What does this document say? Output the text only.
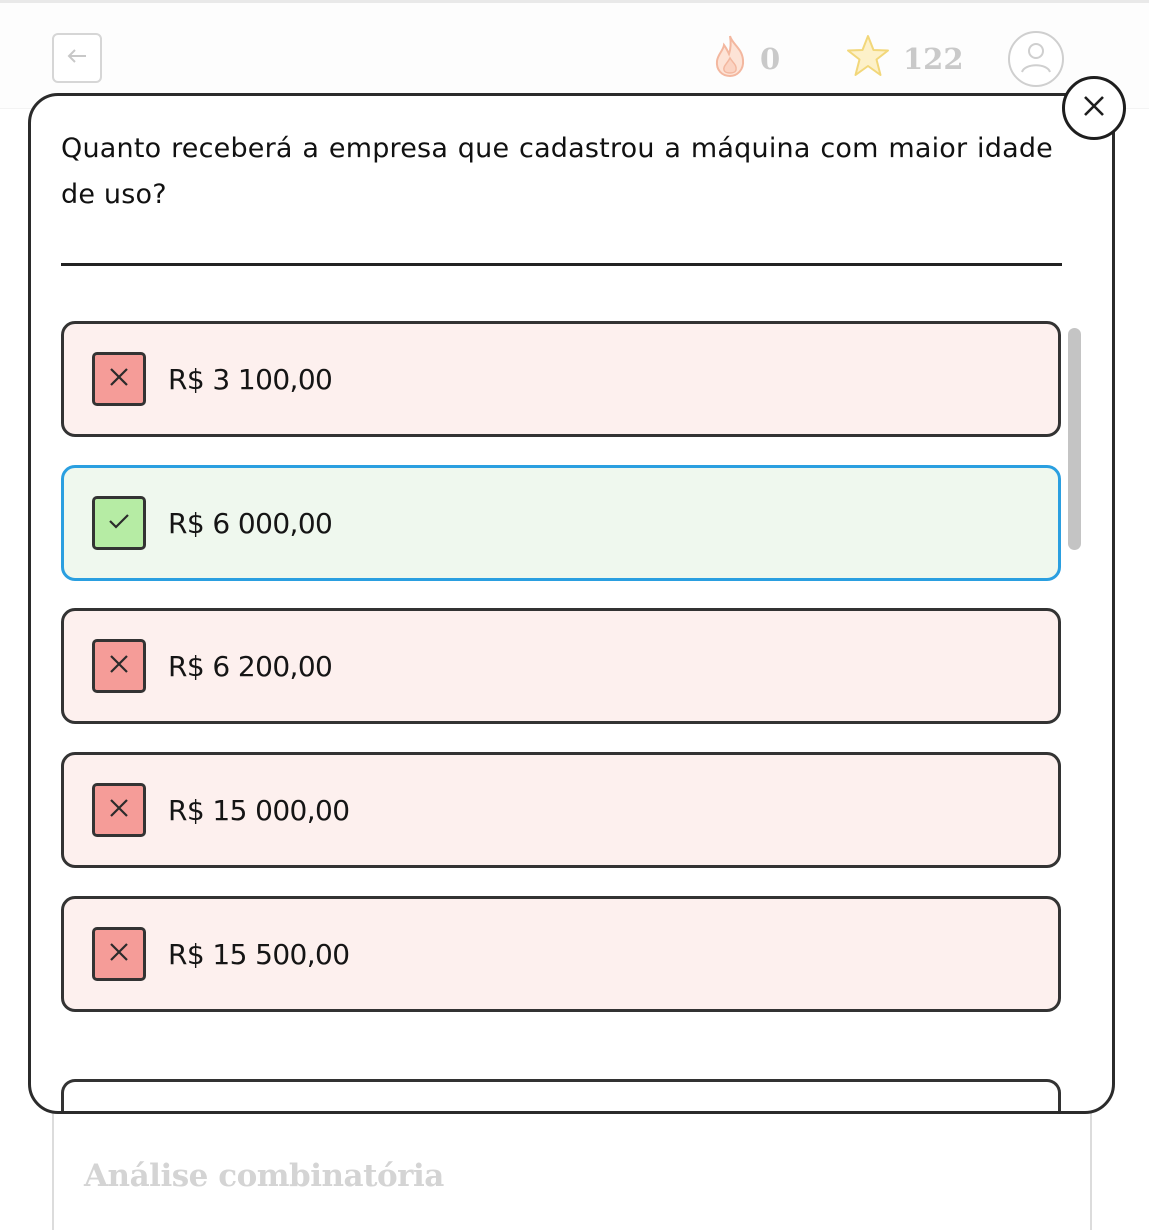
0	122
Análise combinatória
Quanto receberá a empresa que cadastrou a máquina com maior idade de uso?
R$ 3 100,00
R$ 6 000,00
R$ 6 200,00
R$ 15 000,00
R$ 15 500,00
